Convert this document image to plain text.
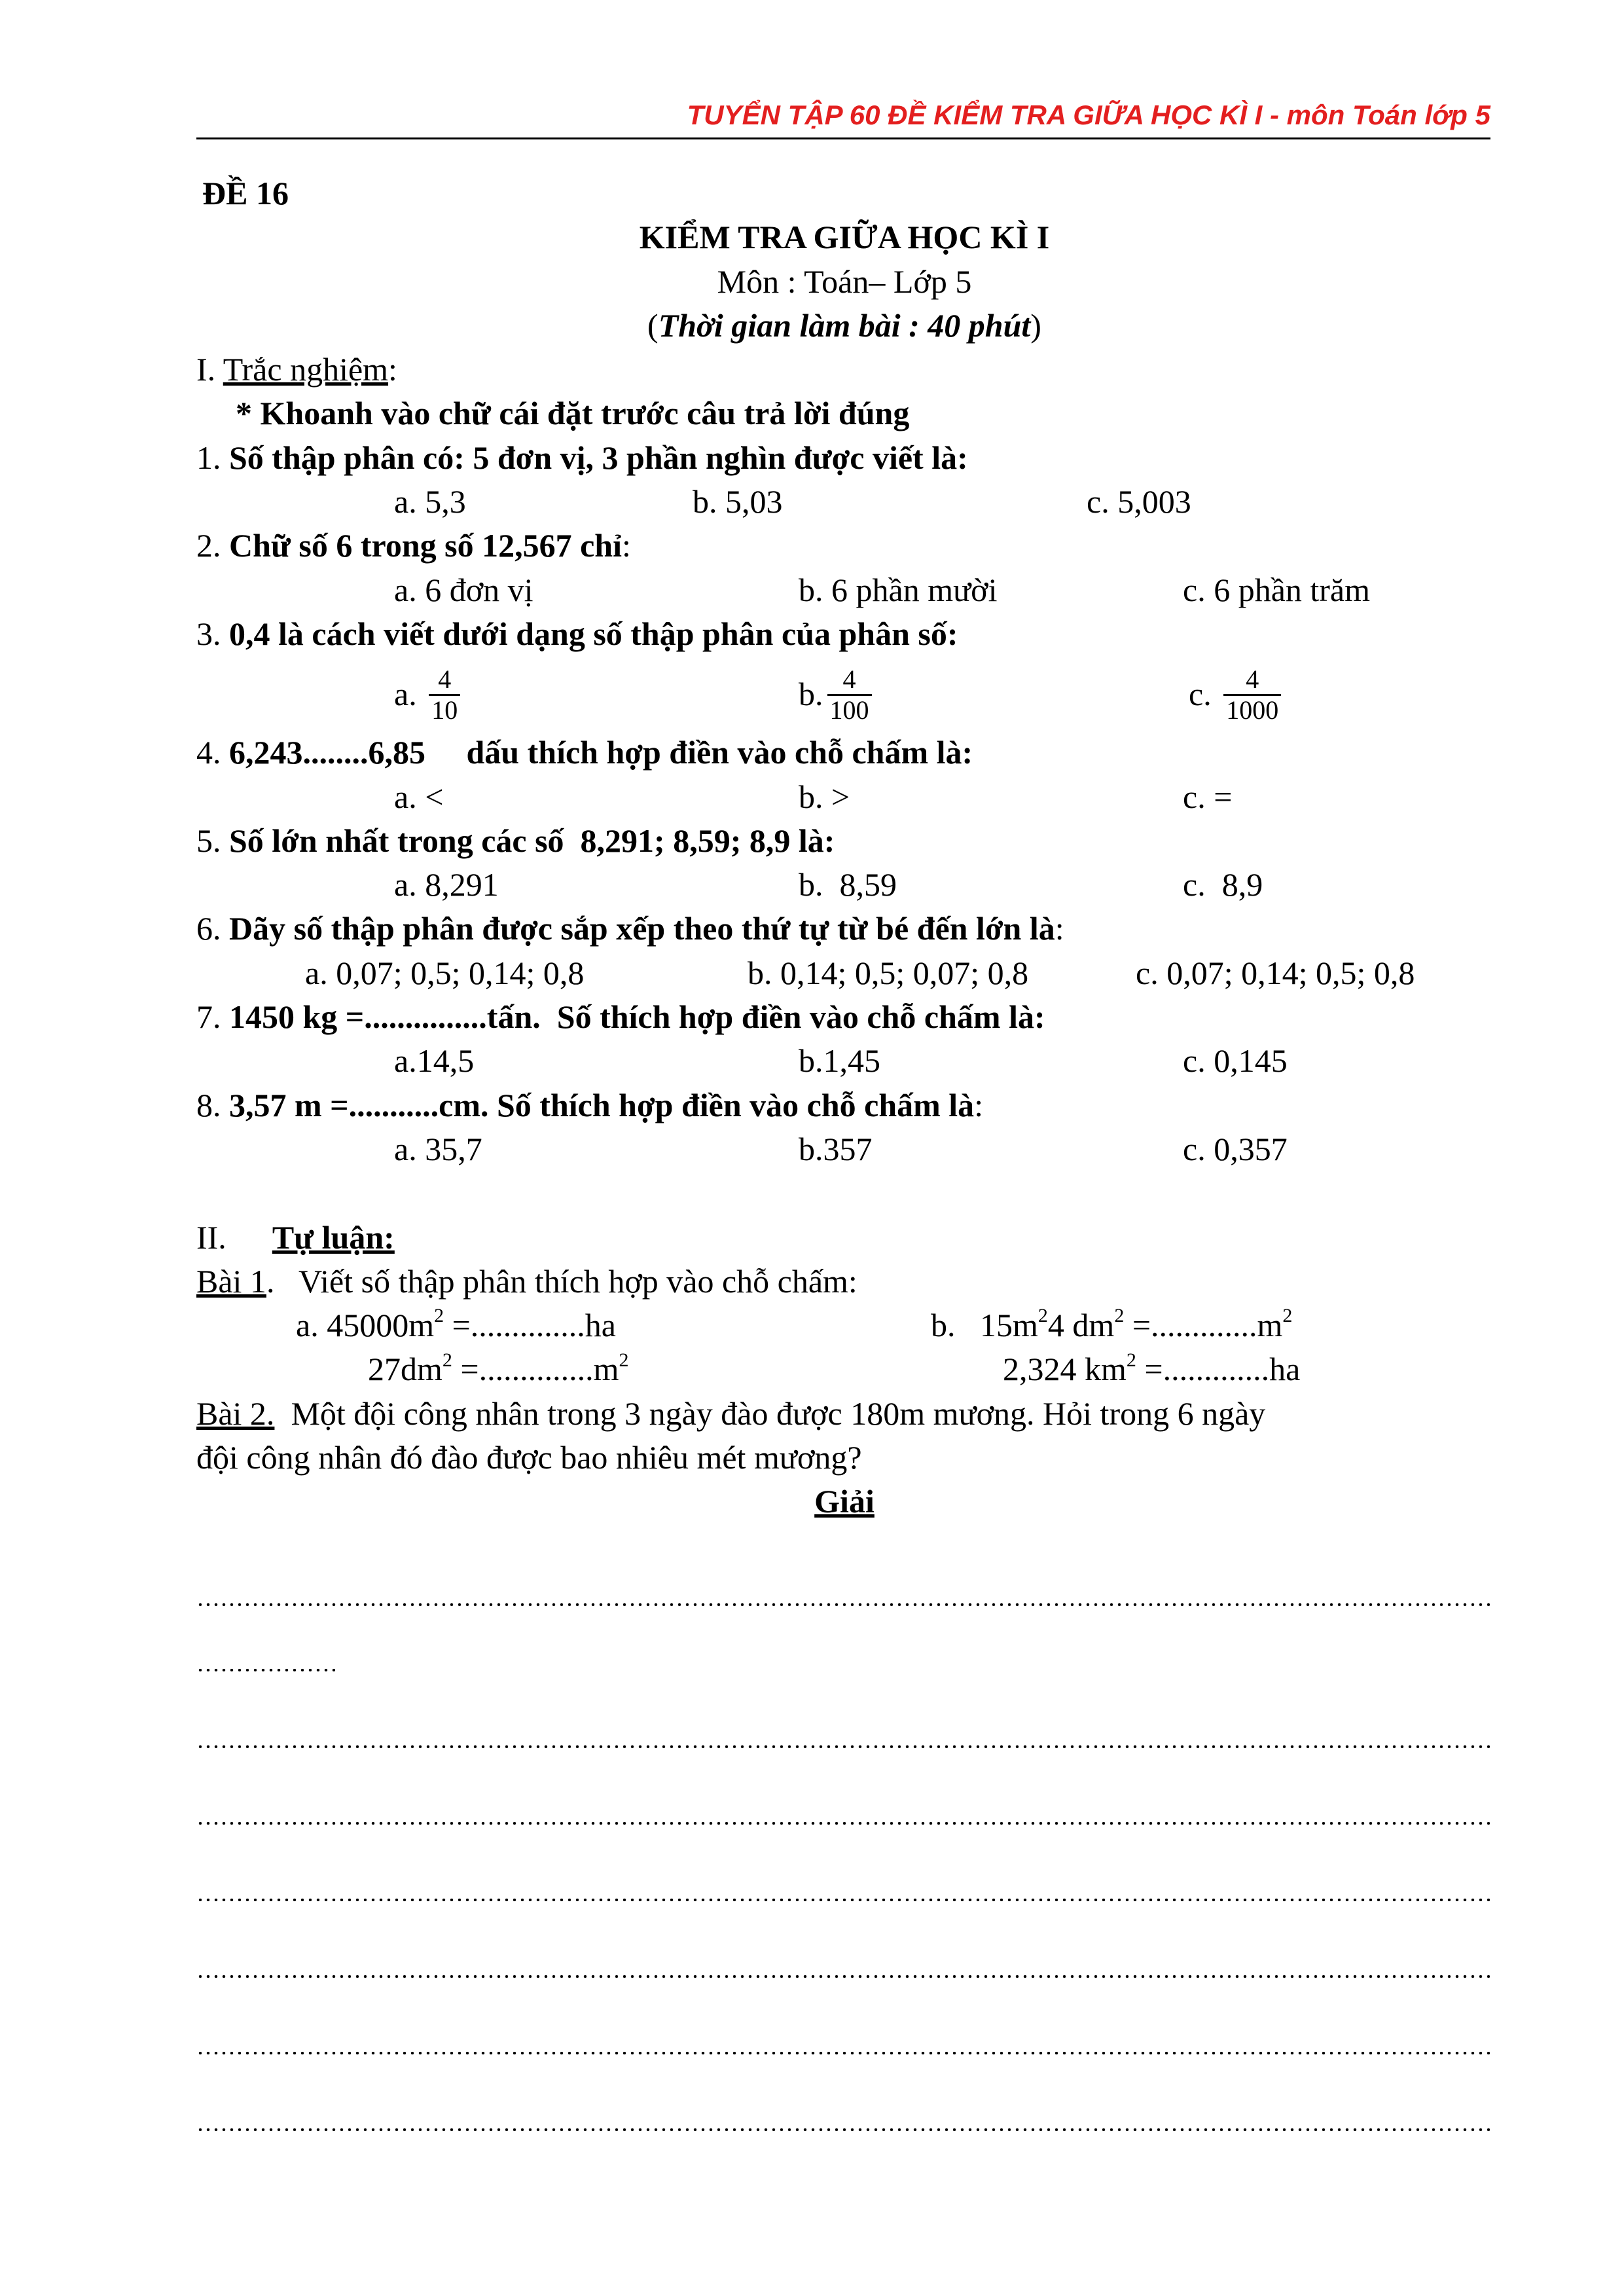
TUYỂN TẬP 60 ĐỀ KIỂM TRA GIỮA HỌC KÌ I - môn Toán lớp 5
ĐỀ 16
KIỂM TRA GIỮA HỌC KÌ I
Môn : Toán– Lớp 5
(Thời gian làm bài : 40 phút)
I. Trắc nghiệm:
* Khoanh vào chữ cái đặt trước câu trả lời đúng
1. Số thập phân có: 5 đơn vị, 3 phần nghìn được viết là:
a. 5,3	b. 5,03	c. 5,003
2. Chữ số 6 trong số 12,567 chỉ:
a. 6 đơn vị	b. 6 phần mười	c. 6 phần trăm
3. 0,4 là cách viết dưới dạng số thập phân của phân số:
a. $\frac{4}{10}$	b. $\frac{4}{100}$	c. $\frac{4}{1000}$
4. 6,243........6,85     dấu thích hợp điền vào chỗ chấm là:
a. <	b. >	c. =
5. Số lớn nhất trong các số  8,291; 8,59; 8,9 là:
a. 8,291	b.  8,59	c.  8,9
6. Dãy số thập phân được sắp xếp theo thứ tự từ bé đến lớn là:
a. 0,07; 0,5; 0,14; 0,8	b. 0,14; 0,5; 0,07; 0,8	c. 0,07; 0,14; 0,5; 0,8
7. 1450 kg =...............tấn.  Số thích hợp điền vào chỗ chấm là:
a.14,5	b.1,45	c. 0,145
8. 3,57 m =...........cm. Số thích hợp điền vào chỗ chấm là:
a. 35,7	b.357	c. 0,357
II. Tự luận:
Bài 1.   Viết số thập phân thích hợp vào chỗ chấm:
a. $45000m^2 =..............ha$	b.   $15m^24$ $dm^2 =.............m^2$
$27dm^2 =..............m^2$	2,324 $km^2 =.............ha$
Bài 2.  Một đội công nhân trong 3 ngày đào được 180m mương. Hỏi trong 6 ngày
đội công nhân đó đào được bao nhiêu mét mương?
Giải
